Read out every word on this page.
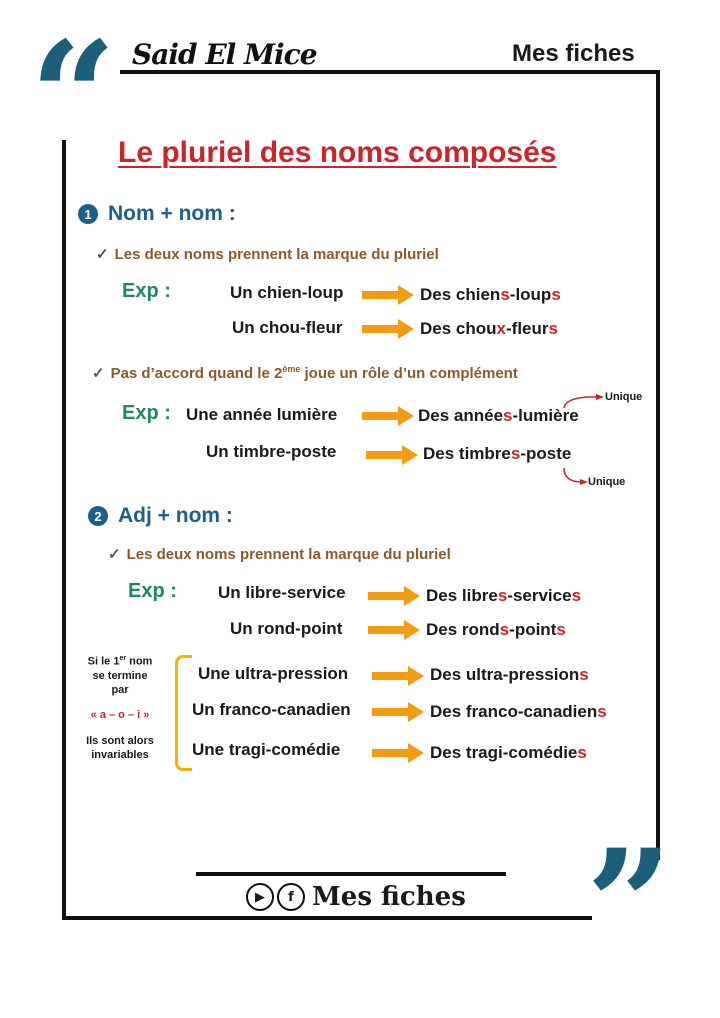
“
”
Said El Mice	Mes fiches
Le pluriel des noms composés
1 Nom + nom :
✓ Les deux noms prennent la marque du pluriel
Exp :	Un chien-loup	Des chiens-loups
Un chou-fleur	Des choux-fleurs
✓ Pas d’accord quand le 2ème joue un rôle d’un complément
Exp : Une année lumière	Des années-lumière
Unique
Un timbre-poste	Des timbres-poste
Unique
2 Adj + nom :
✓ Les deux noms prennent la marque du pluriel
Exp : Un libre-service	Des libres-services
Un rond-point	Des ronds-points
Si le 1er nom
se termine
par
« a – o – i »
Ils sont alors
invariables
Une ultra-pression	Des ultra-pressions
Un franco-canadien	Des franco-canadiens
Une tragi-comédie	Des tragi-comédies
▶	f Mes fiches
